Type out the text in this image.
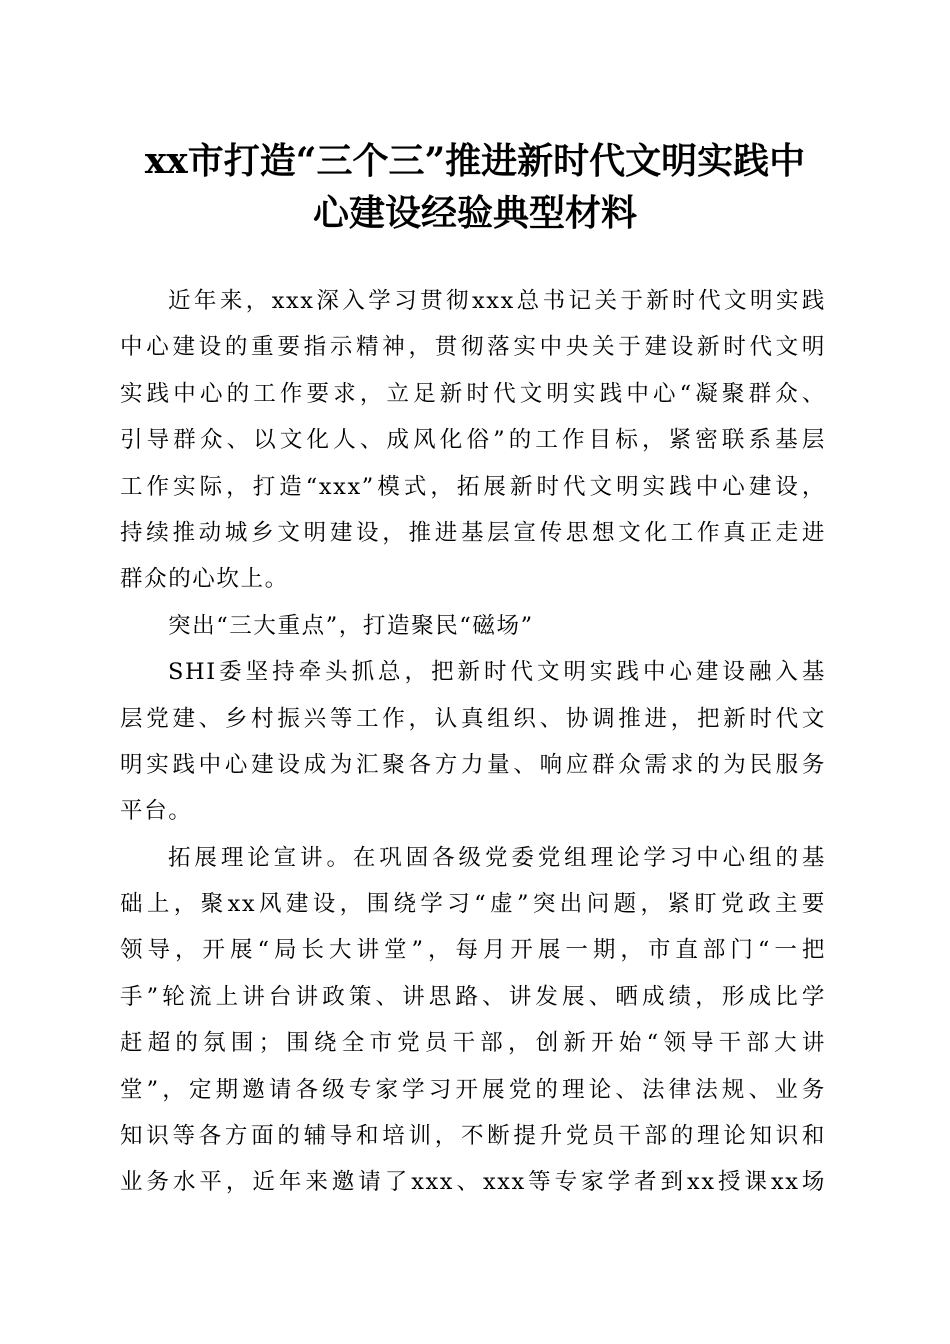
xx市打造“三个三”推进新时代文明实践中
心建设经验典型材料
近年来，xxx深入学习贯彻xxx总书记关于新时代文明实践
中心建设的重要指示精神，贯彻落实中央关于建设新时代文明
实践中心的工作要求，立足新时代文明实践中心“凝聚群众、
引导群众、以文化人、成风化俗”的工作目标，紧密联系基层
工作实际，打造“xxx”模式，拓展新时代文明实践中心建设，
持续推动城乡文明建设，推进基层宣传思想文化工作真正走进
群众的心坎上。
突出“三大重点”，打造聚民“磁场”
SHI委坚持牵头抓总，把新时代文明实践中心建设融入基
层党建、乡村振兴等工作，认真组织、协调推进，把新时代文
明实践中心建设成为汇聚各方力量、响应群众需求的为民服务
平台。
拓展理论宣讲。在巩固各级党委党组理论学习中心组的基
础上，聚xx风建设，围绕学习“虚”突出问题，紧盯党政主要
领导，开展“局长大讲堂”，每月开展一期，市直部门“一把
手”轮流上讲台讲政策、讲思路、讲发展、晒成绩，形成比学
赶超的氛围；围绕全市党员干部，创新开始“领导干部大讲
堂”，定期邀请各级专家学习开展党的理论、法律法规、业务
知识等各方面的辅导和培训，不断提升党员干部的理论知识和
业务水平，近年来邀请了xxx、xxx等专家学者到xx授课xx场
